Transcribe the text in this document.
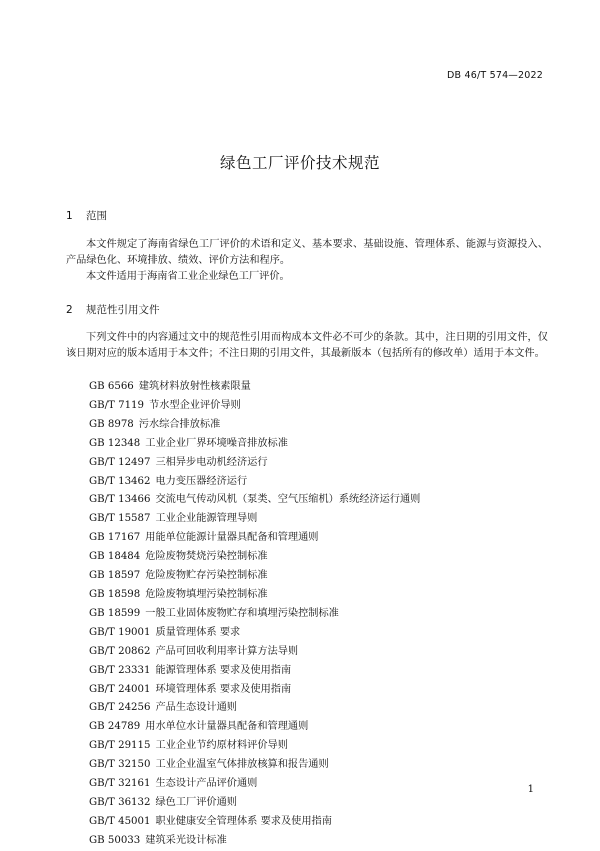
DB 46/T 574—2022
绿色工厂评价技术规范
1 范围
本文件规定了海南省绿色工厂评价的术语和定义、基本要求、基础设施、管理体系、能源与资源投入、产品绿色化、环境排放、绩效、评价方法和程序。
本文件适用于海南省工业企业绿色工厂评价。
2 规范性引用文件
下列文件中的内容通过文中的规范性引用而构成本文件必不可少的条款。其中，注日期的引用文件，仅该日期对应的版本适用于本文件；不注日期的引用文件，其最新版本（包括所有的修改单）适用于本文件。
GB 6566 建筑材料放射性核素限量
GB/T 7119 节水型企业评价导则
GB 8978 污水综合排放标准
GB 12348 工业企业厂界环境噪音排放标准
GB/T 12497 三相异步电动机经济运行
GB/T 13462 电力变压器经济运行
GB/T 13466 交流电气传动风机（泵类、空气压缩机）系统经济运行通则
GB/T 15587 工业企业能源管理导则
GB 17167 用能单位能源计量器具配备和管理通则
GB 18484 危险废物焚烧污染控制标准
GB 18597 危险废物贮存污染控制标准
GB 18598 危险废物填埋污染控制标准
GB 18599 一般工业固体废物贮存和填埋污染控制标准
GB/T 19001 质量管理体系 要求
GB/T 20862 产品可回收利用率计算方法导则
GB/T 23331 能源管理体系 要求及使用指南
GB/T 24001 环境管理体系 要求及使用指南
GB/T 24256 产品生态设计通则
GB 24789 用水单位水计量器具配备和管理通则
GB/T 29115 工业企业节约原材料评价导则
GB/T 32150 工业企业温室气体排放核算和报告通则
GB/T 32161 生态设计产品评价通则
GB/T 36132 绿色工厂评价通则
GB/T 45001 职业健康安全管理体系 要求及使用指南
GB 50033 建筑采光设计标准
1
